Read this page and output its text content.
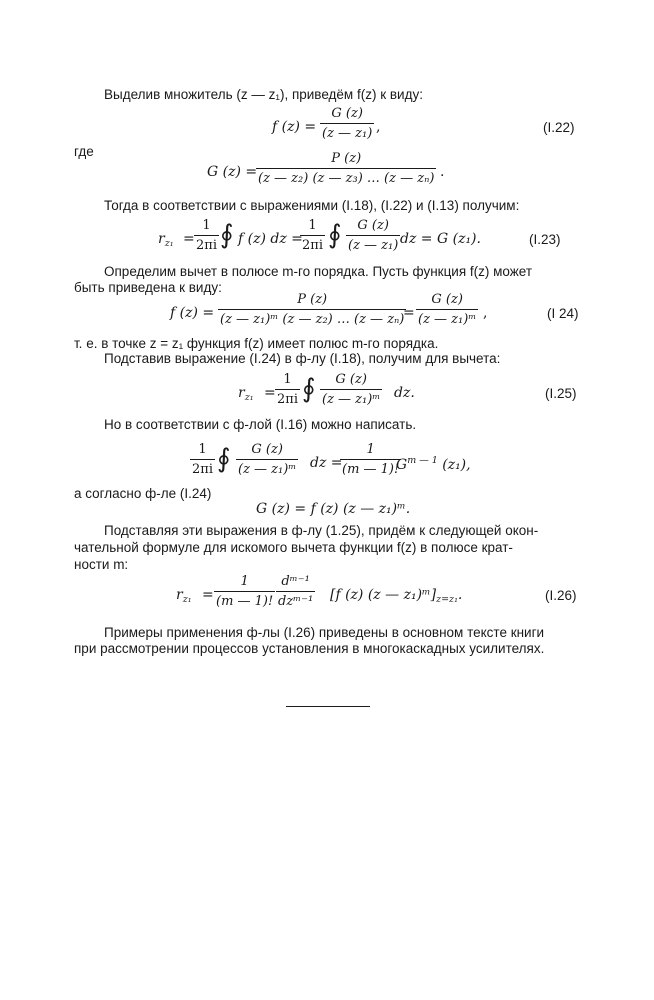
Выделив множитель (z — z₁), приведём f(z) к виду:
f $(z) = \frac{G (z)}{\text{(z — z₁)}}$ ,	(I.22)
где
G (z) =
$\frac{P (z)}{\text{(z — z₂) (z — z₃) … (z — zₙ)}}$ .
Тогда в соответствии с выражениями (I.18), (I.22) и (I.13) получим:
$r_{z_1} = \frac{1}{2\pi i}$ ∮ f (z) dz =
$\frac{1}{2\pi i}$ ∮ $\frac{G (z)}{\text{(z — z₁)}}$ dz = G (z₁).	(I.23)
Определим вычет в полюсе m-го порядка. Пусть функция f(z) может
быть приведена к виду:
f $(z) = \frac{P (z)}{\text{(z — z₁)ᵐ (z — z₂) … (z — zₙ)}}$
= $\frac{G (z)}{\text{(z — z₁)ᵐ}}$ ,	(I 24)
т. е. в точке z = z₁ функция f(z) имеет полюс m-го порядка.
Подставив выражение (I.24) в ф-лу (I.18), получим для вычета:
$r_{z_1} = \frac{1}{2\pi i}$ ∮ $\frac{G (z)}{\text{(z — z₁)ᵐ}}$ dz.	(I.25)
Но в соответствии с ф-лой (I.16) можно написать.
$\frac{1}{2\pi i}$ ∮ $\frac{G (z)}{\text{(z — z₁)ᵐ}}$ dz =
$\frac{1}{(m — 1)!}$
$G^{m — 1}$ (z₁),
а согласно ф-ле (I.24)
G (z) = f (z) (z — z₁)ᵐ.
Подставляя эти выражения в ф-лу (1.25), придём к следующей окон-
чательной формуле для искомого вычета функции f(z) в полюсе крат-
ности m:
$r_{z_1} = \frac{1}{(m — 1)!}$ dᵐ⁻¹
dzᵐ⁻¹ [f (z) (z — $z_1)ᵐ]_{z=z_1}$.	(I.26)
Примеры применения ф-лы (I.26) приведены в основном тексте книги
при рассмотрении процессов установления в многокаскадных усилителях.
